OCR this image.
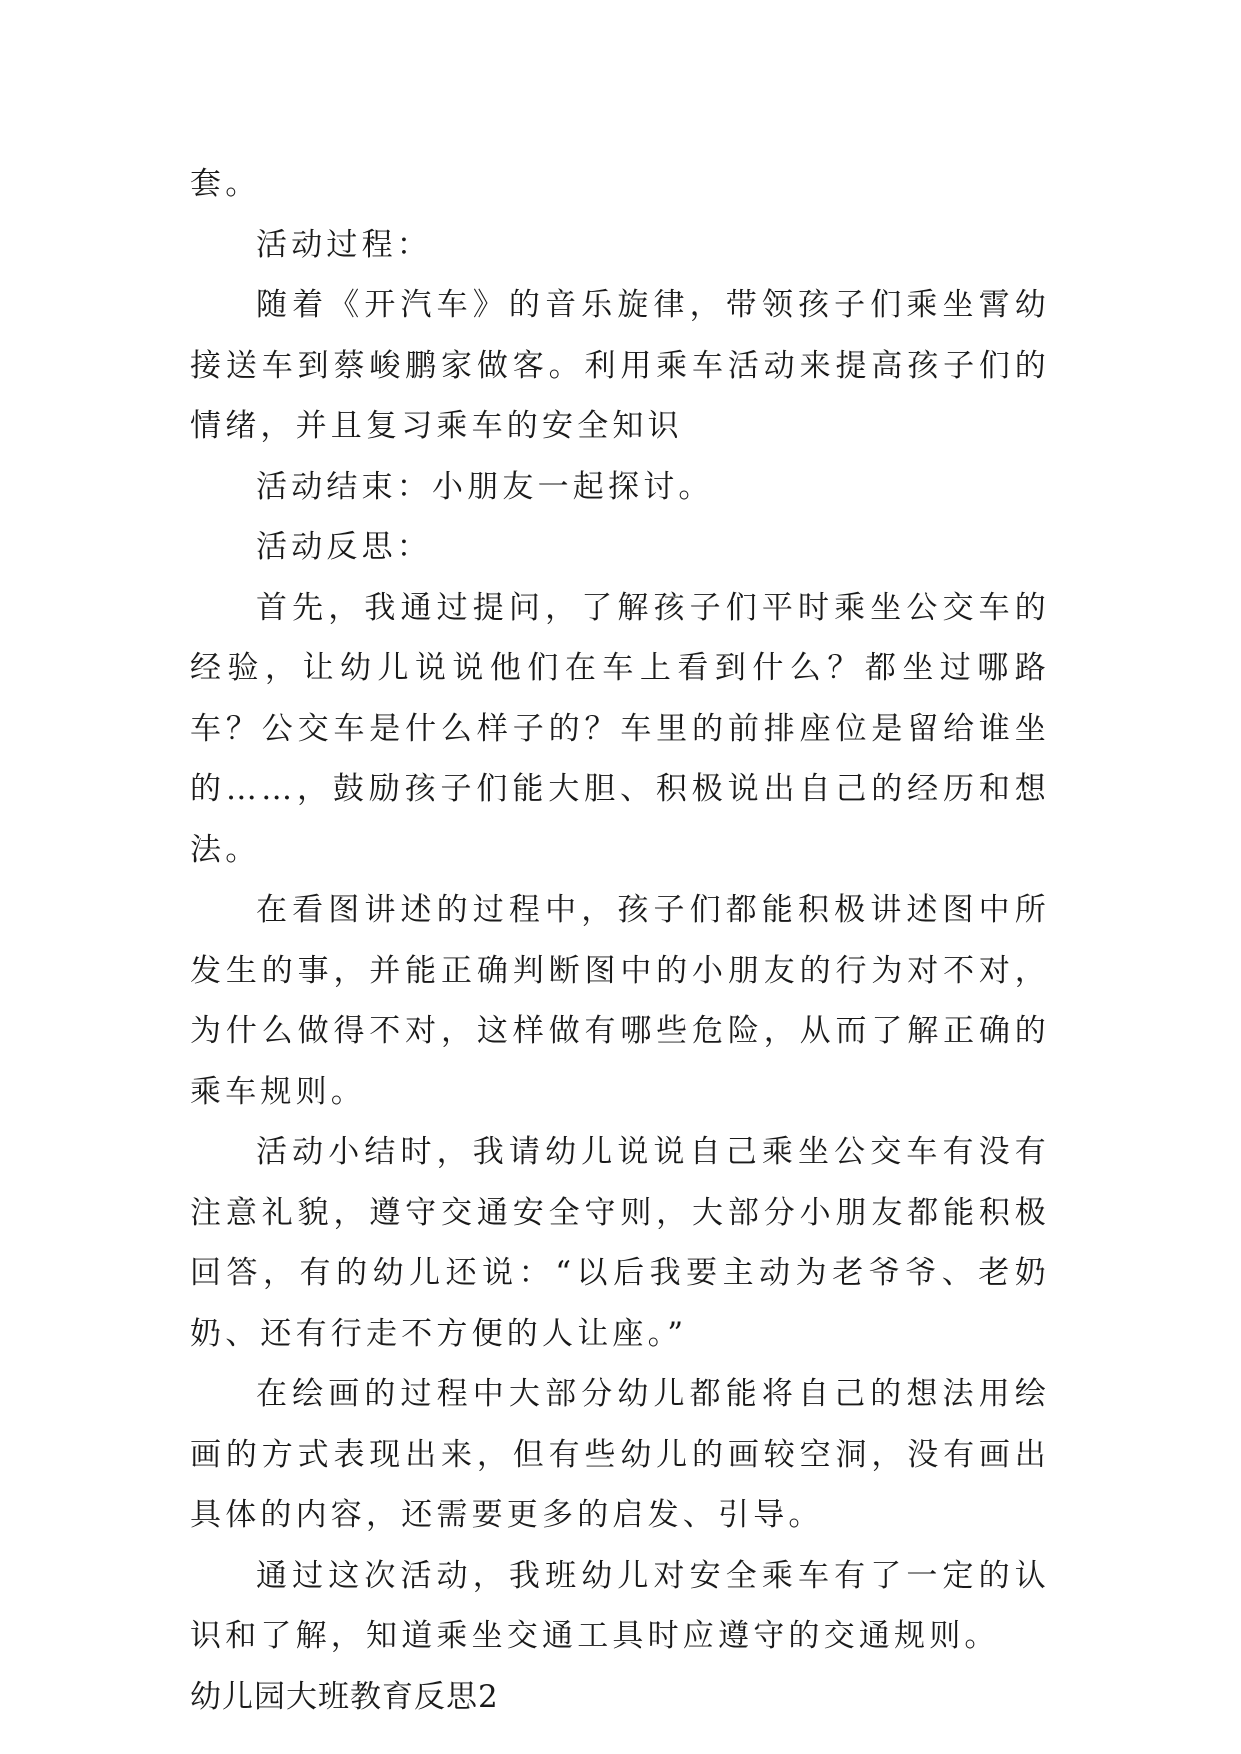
套。

活动过程：

随着《开汽车》的音乐旋律，带领孩子们乘坐霄幼接送车到蔡峻鹏家做客。利用乘车活动来提高孩子们的情绪，并且复习乘车的安全知识

活动结束：小朋友一起探讨。

活动反思：

首先，我通过提问，了解孩子们平时乘坐公交车的经验，让幼儿说说他们在车上看到什么？都坐过哪路车？公交车是什么样子的？车里的前排座位是留给谁坐的……，鼓励孩子们能大胆、积极说出自己的经历和想法。

在看图讲述的过程中，孩子们都能积极讲述图中所发生的事，并能正确判断图中的小朋友的行为对不对，为什么做得不对，这样做有哪些危险，从而了解正确的乘车规则。

活动小结时，我请幼儿说说自己乘坐公交车有没有注意礼貌，遵守交通安全守则，大部分小朋友都能积极回答，有的幼儿还说：“以后我要主动为老爷爷、老奶奶、还有行走不方便的人让座。”

在绘画的过程中大部分幼儿都能将自己的想法用绘画的方式表现出来，但有些幼儿的画较空洞，没有画出具体的内容，还需要更多的启发、引导。

通过这次活动，我班幼儿对安全乘车有了一定的认识和了解，知道乘坐交通工具时应遵守的交通规则。

幼儿园大班教育反思2
